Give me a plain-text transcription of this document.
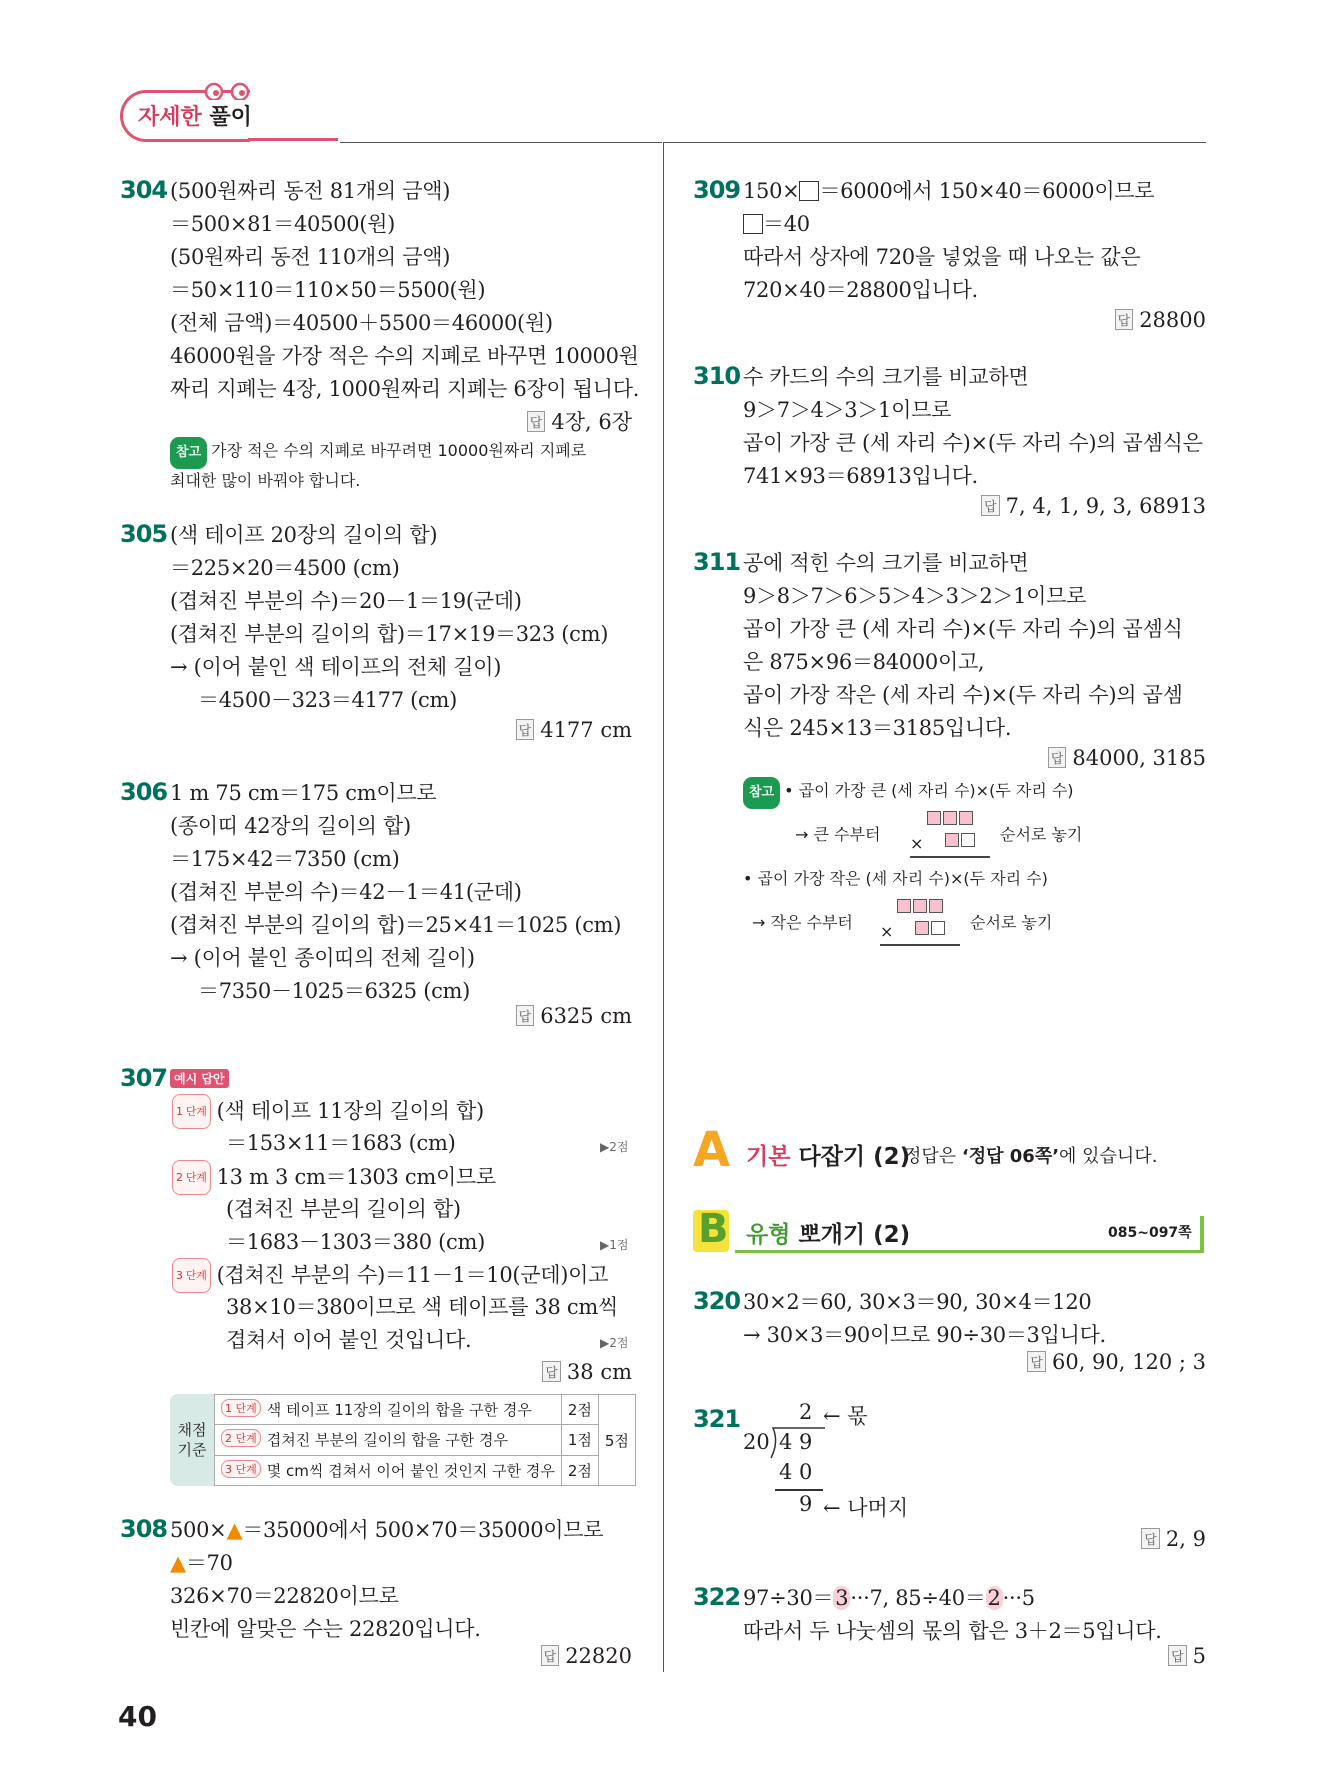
자세한 풀이
304 (500원짜리 동전 81개의 금액)
＝500×81＝40500(원)
(50원짜리 동전 110개의 금액)
＝50×110＝110×50＝5500(원)
(전체 금액)＝40500＋5500＝46000(원)
46000원을 가장 적은 수의 지폐로 바꾸면 10000원
짜리 지폐는 4장, 1000원짜리 지폐는 6장이 됩니다.
답 4장, 6장
참고 가장 적은 수의 지폐로 바꾸려면 10000원짜리 지폐로
최대한 많이 바꿔야 합니다.
305 (색 테이프 20장의 길이의 합)
＝225×20＝4500 (cm)
(겹쳐진 부분의 수)＝20－1＝19(군데)
(겹쳐진 부분의 길이의 합)＝17×19＝323 (cm)
→ (이어 붙인 색 테이프의 전체 길이)
＝4500－323＝4177 (cm)
답 4177 cm
306 1 m 75 cm＝175 cm이므로
(종이띠 42장의 길이의 합)
＝175×42＝7350 (cm)
(겹쳐진 부분의 수)＝42－1＝41(군데)
(겹쳐진 부분의 길이의 합)＝25×41＝1025 (cm)
→ (이어 붙인 종이띠의 전체 길이)
＝7350－1025＝6325 (cm)
답 6325 cm
307 예시 답안
1 단계 (색 테이프 11장의 길이의 합)
＝153×11＝1683 (cm)	▶2점
2 단계 13 m 3 cm＝1303 cm이므로
(겹쳐진 부분의 길이의 합)
＝1683－1303＝380 (cm)	▶1점
3 단계 (겹쳐진 부분의 수)＝11－1＝10(군데)이고
38×10＝380이므로 색 테이프를 38 cm씩
겹쳐서 이어 붙인 것입니다.	▶2점
답 38 cm
채점
기준
1 단계 색 테이프 11장의 길이의 합을 구한 경우	2점	5점
2 단계 겹쳐진 부분의 길이의 합을 구한 경우	1점	
3 단계 몇 cm씩 겹쳐서 이어 붙인 것인지 구한 경우	2점	
308 500×▲＝35000에서 500×70＝35000이므로
▲＝70
326×70＝22820이므로
빈칸에 알맞은 수는 22820입니다.
답 22820
40
309 150× ＝6000에서 150×40＝6000이므로
＝40
따라서 상자에 720을 넣었을 때 나오는 값은
720×40＝28800입니다.
답 28800
310 수 카드의 수의 크기를 비교하면
9＞7＞4＞3＞1이므로
곱이 가장 큰 (세 자리 수)×(두 자리 수)의 곱셈식은
741×93＝68913입니다.
답 7, 4, 1, 9, 3, 68913
311 공에 적힌 수의 크기를 비교하면
9＞8＞7＞6＞5＞4＞3＞2＞1이므로
곱이 가장 큰 (세 자리 수)×(두 자리 수)의 곱셈식
은 875×96＝84000이고,
곱이 가장 작은 (세 자리 수)×(두 자리 수)의 곱셈
식은 245×13＝3185입니다.
답 84000, 3185
참고 • 곱이 가장 큰 (세 자리 수)×(두 자리 수)
→ 큰 수부터 ×	순서로 놓기
• 곱이 가장 작은 (세 자리 수)×(두 자리 수)
→ 작은 수부터 ×	순서로 놓기
A 기본 다잡기 (2)
정답은 ‘정답 06쪽’에 있습니다.
B 유형 뽀개기 (2)	085~097쪽
320 30×2＝60, 30×3＝90, 30×4＝120
→ 30×3＝90이므로 90÷30＝3입니다.
답 60, 90, 120 ; 3
321	2 ← 몫
20 4 9
4 0
9 ← 나머지
답 2, 9
322 97÷30＝3···7, 85÷40＝2···5
따라서 두 나눗셈의 몫의 합은 3＋2＝5입니다.
답 5
